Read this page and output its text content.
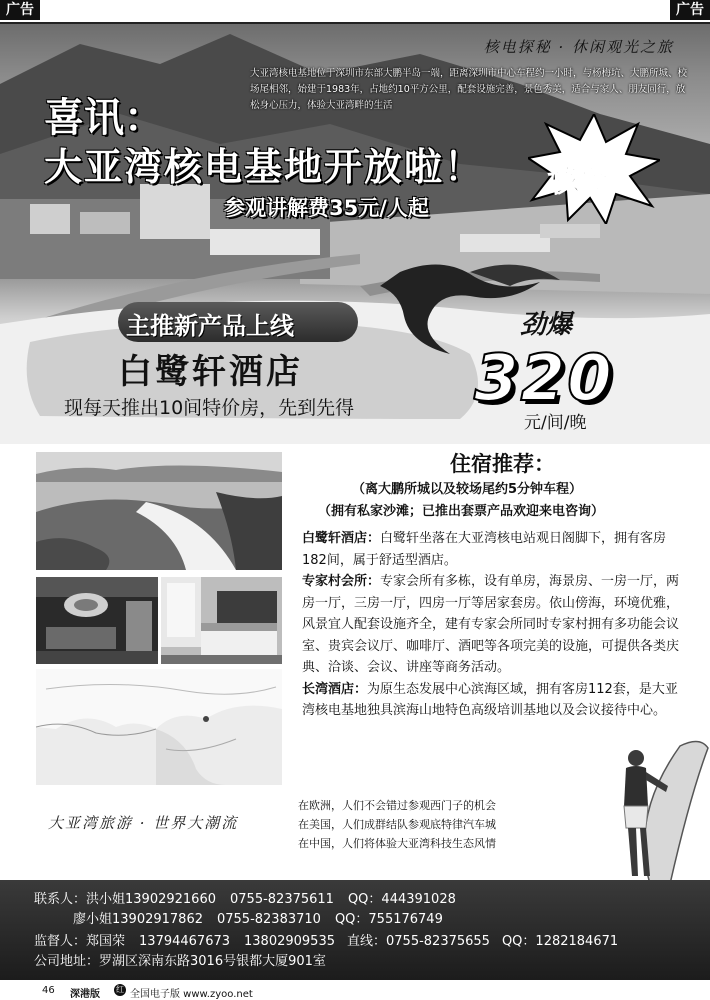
广告	广告
核电探秘 · 休闲观光之旅
大亚湾核电基地位于深圳市东部大鹏半岛一端，距离深圳市中心车程约一小时，与杨梅坑、大鹏所城、校场尾相邻，始建于1983年，占地约10平方公里，配套设施完善，景色秀美，适合与家人、朋友同行，放松身心压力，体验大亚湾畔的生活
喜讯：
大亚湾核电基地开放啦！
参观讲解费35元/人起
核爆
主推新产品上线
白鹭轩酒店
现每天推出10间特价房，先到先得
劲爆
320
元/间/晚
大亚湾旅游 · 世界大潮流
住宿推荐：
（离大鹏所城以及较场尾约5分钟车程）
（拥有私家沙滩；已推出套票产品欢迎来电咨询）

白鹭轩酒店：白鹭轩坐落在大亚湾核电站观日阁脚下，拥有客房182间，属于舒适型酒店。

专家村会所：专家会所有多栋，设有单房，海景房、一房一厅，两房一厅，三房一厅，四房一厅等居家套房。依山傍海，环境优雅，风景宜人配套设施齐全，建有专家会所同时专家村拥有多功能会议室、贵宾会议厅、咖啡厅、酒吧等各项完美的设施，可提供各类庆典、洽谈、会议、讲座等商务活动。

长湾酒店：为原生态发展中心滨海区域，拥有客房112套，是大亚湾核电基地独具滨海山地特色高级培训基地以及会议接待中心。

在欧洲，人们不会错过参观西门子的机会
在美国，人们成群结队参观底特律汽车城
在中国，人们将体验大亚湾科技生态风情
联系人：洪小姐13902921660 0755-82375611 QQ：444391028
廖小姐13902917862 0755-82383710 QQ：755176749
监督人：郑国荣 13794467673 13802909535 直线：0755-82375655 QQ：1282184671
公司地址：罗湖区深南东路3016号银都大厦901室
46 深港版 红 全国电子版 www.zyoo.net
